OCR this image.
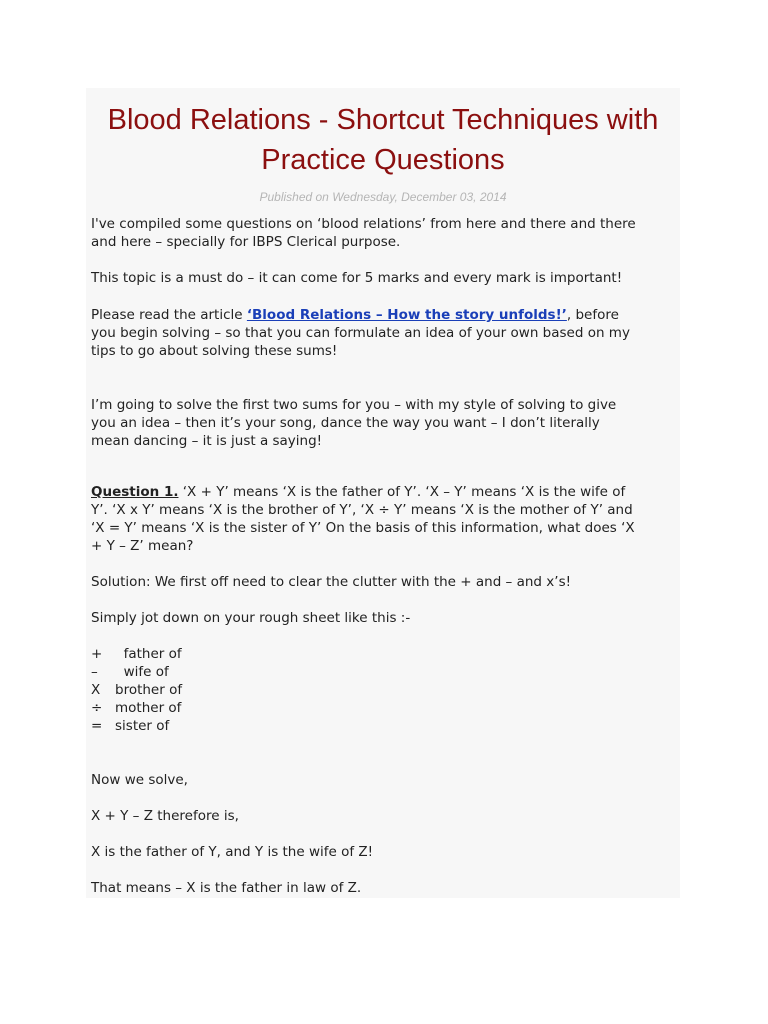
Blood Relations - Shortcut Techniques with
Practice Questions
Published on Wednesday, December 03, 2014

I've compiled some questions on ‘blood relations’ from here and there and there
and here – specially for IBPS Clerical purpose.

This topic is a must do – it can come for 5 marks and every mark is important!

Please read the article ‘Blood Relations – How the story unfolds!’, before
you begin solving – so that you can formulate an idea of your own based on my
tips to go about solving these sums!

I’m going to solve the first two sums for you – with my style of solving to give
you an idea – then it’s your song, dance the way you want – I don’t literally
mean dancing – it is just a saying!

Question 1. ‘X + Y’ means ‘X is the father of Y’. ‘X – Y’ means ‘X is the wife of
Y’. ‘X x Y’ means ‘X is the brother of Y’, ‘X ÷ Y’ means ‘X is the mother of Y’ and
‘X = Y’ means ‘X is the sister of Y’ On the basis of this information, what does ‘X
+ Y – Z’ mean?

Solution: We first off need to clear the clutter with the + and – and x’s!

Simply jot down on your rough sheet like this :-

+  father of
–  wife of
X brother of
÷ mother of
= sister of

Now we solve,

X + Y – Z therefore is,

X is the father of Y, and Y is the wife of Z!

That means – X is the father in law of Z.
